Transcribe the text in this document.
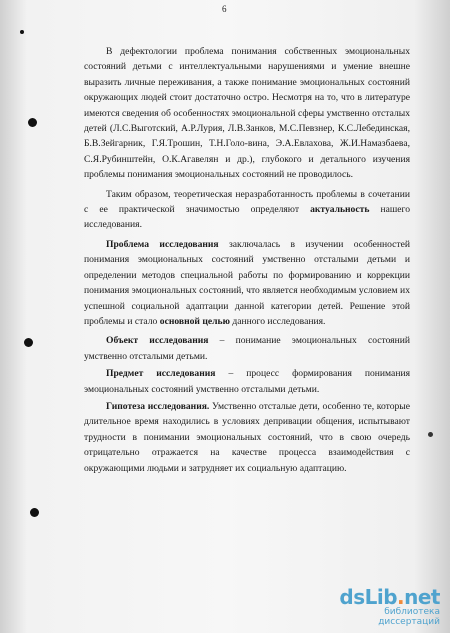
6

В дефектологии проблема понимания собственных эмоциональных состояний детьми с интеллектуальными нарушениями и умение внешне выразить личные переживания, а также понимание эмоциональных состояний окружающих людей стоит достаточно остро. Несмотря на то, что в литературе имеются сведения об особенностях эмоциональной сферы умственно отсталых детей (Л.С.Выготский, А.Р.Лурия, Л.В.Занков, М.С.Певзнер, К.С.Лебединская, Б.В.Зейгарник, Г.Я.Трошин, Т.Н.Голо-вина, Э.А.Евлахова, Ж.И.Намазбаева, С.Я.Рубинштейн, О.К.Агавелян и др.), глубокого и детального изучения проблемы понимания эмоциональных состояний не проводилось.

Таким образом, теоретическая неразработанность проблемы в сочетании с ее практической значимостью определяют актуальность нашего исследования.

Проблема исследования заключалась в изучении особенностей понимания эмоциональных состояний умственно отсталыми детьми и определении методов специальной работы по формированию и коррекции понимания эмоциональных состояний, что является необходимым условием их успешной социальной адаптации данной категории детей. Решение этой проблемы и стало основной целью данного исследования.

Объект исследования – понимание эмоциональных состояний умственно отсталыми детьми.

Предмет исследования – процесс формирования понимания эмоциональных состояний умственно отсталыми детьми.

Гипотеза исследования. Умственно отсталые дети, особенно те, которые длительное время находились в условиях депривации общения, испытывают трудности в понимании эмоциональных состояний, что в свою очередь отрицательно отражается на качестве процесса взаимодействия с окружающими людьми и затрудняет их социальную адаптацию.

dsLib.net
библиотека диссертаций
